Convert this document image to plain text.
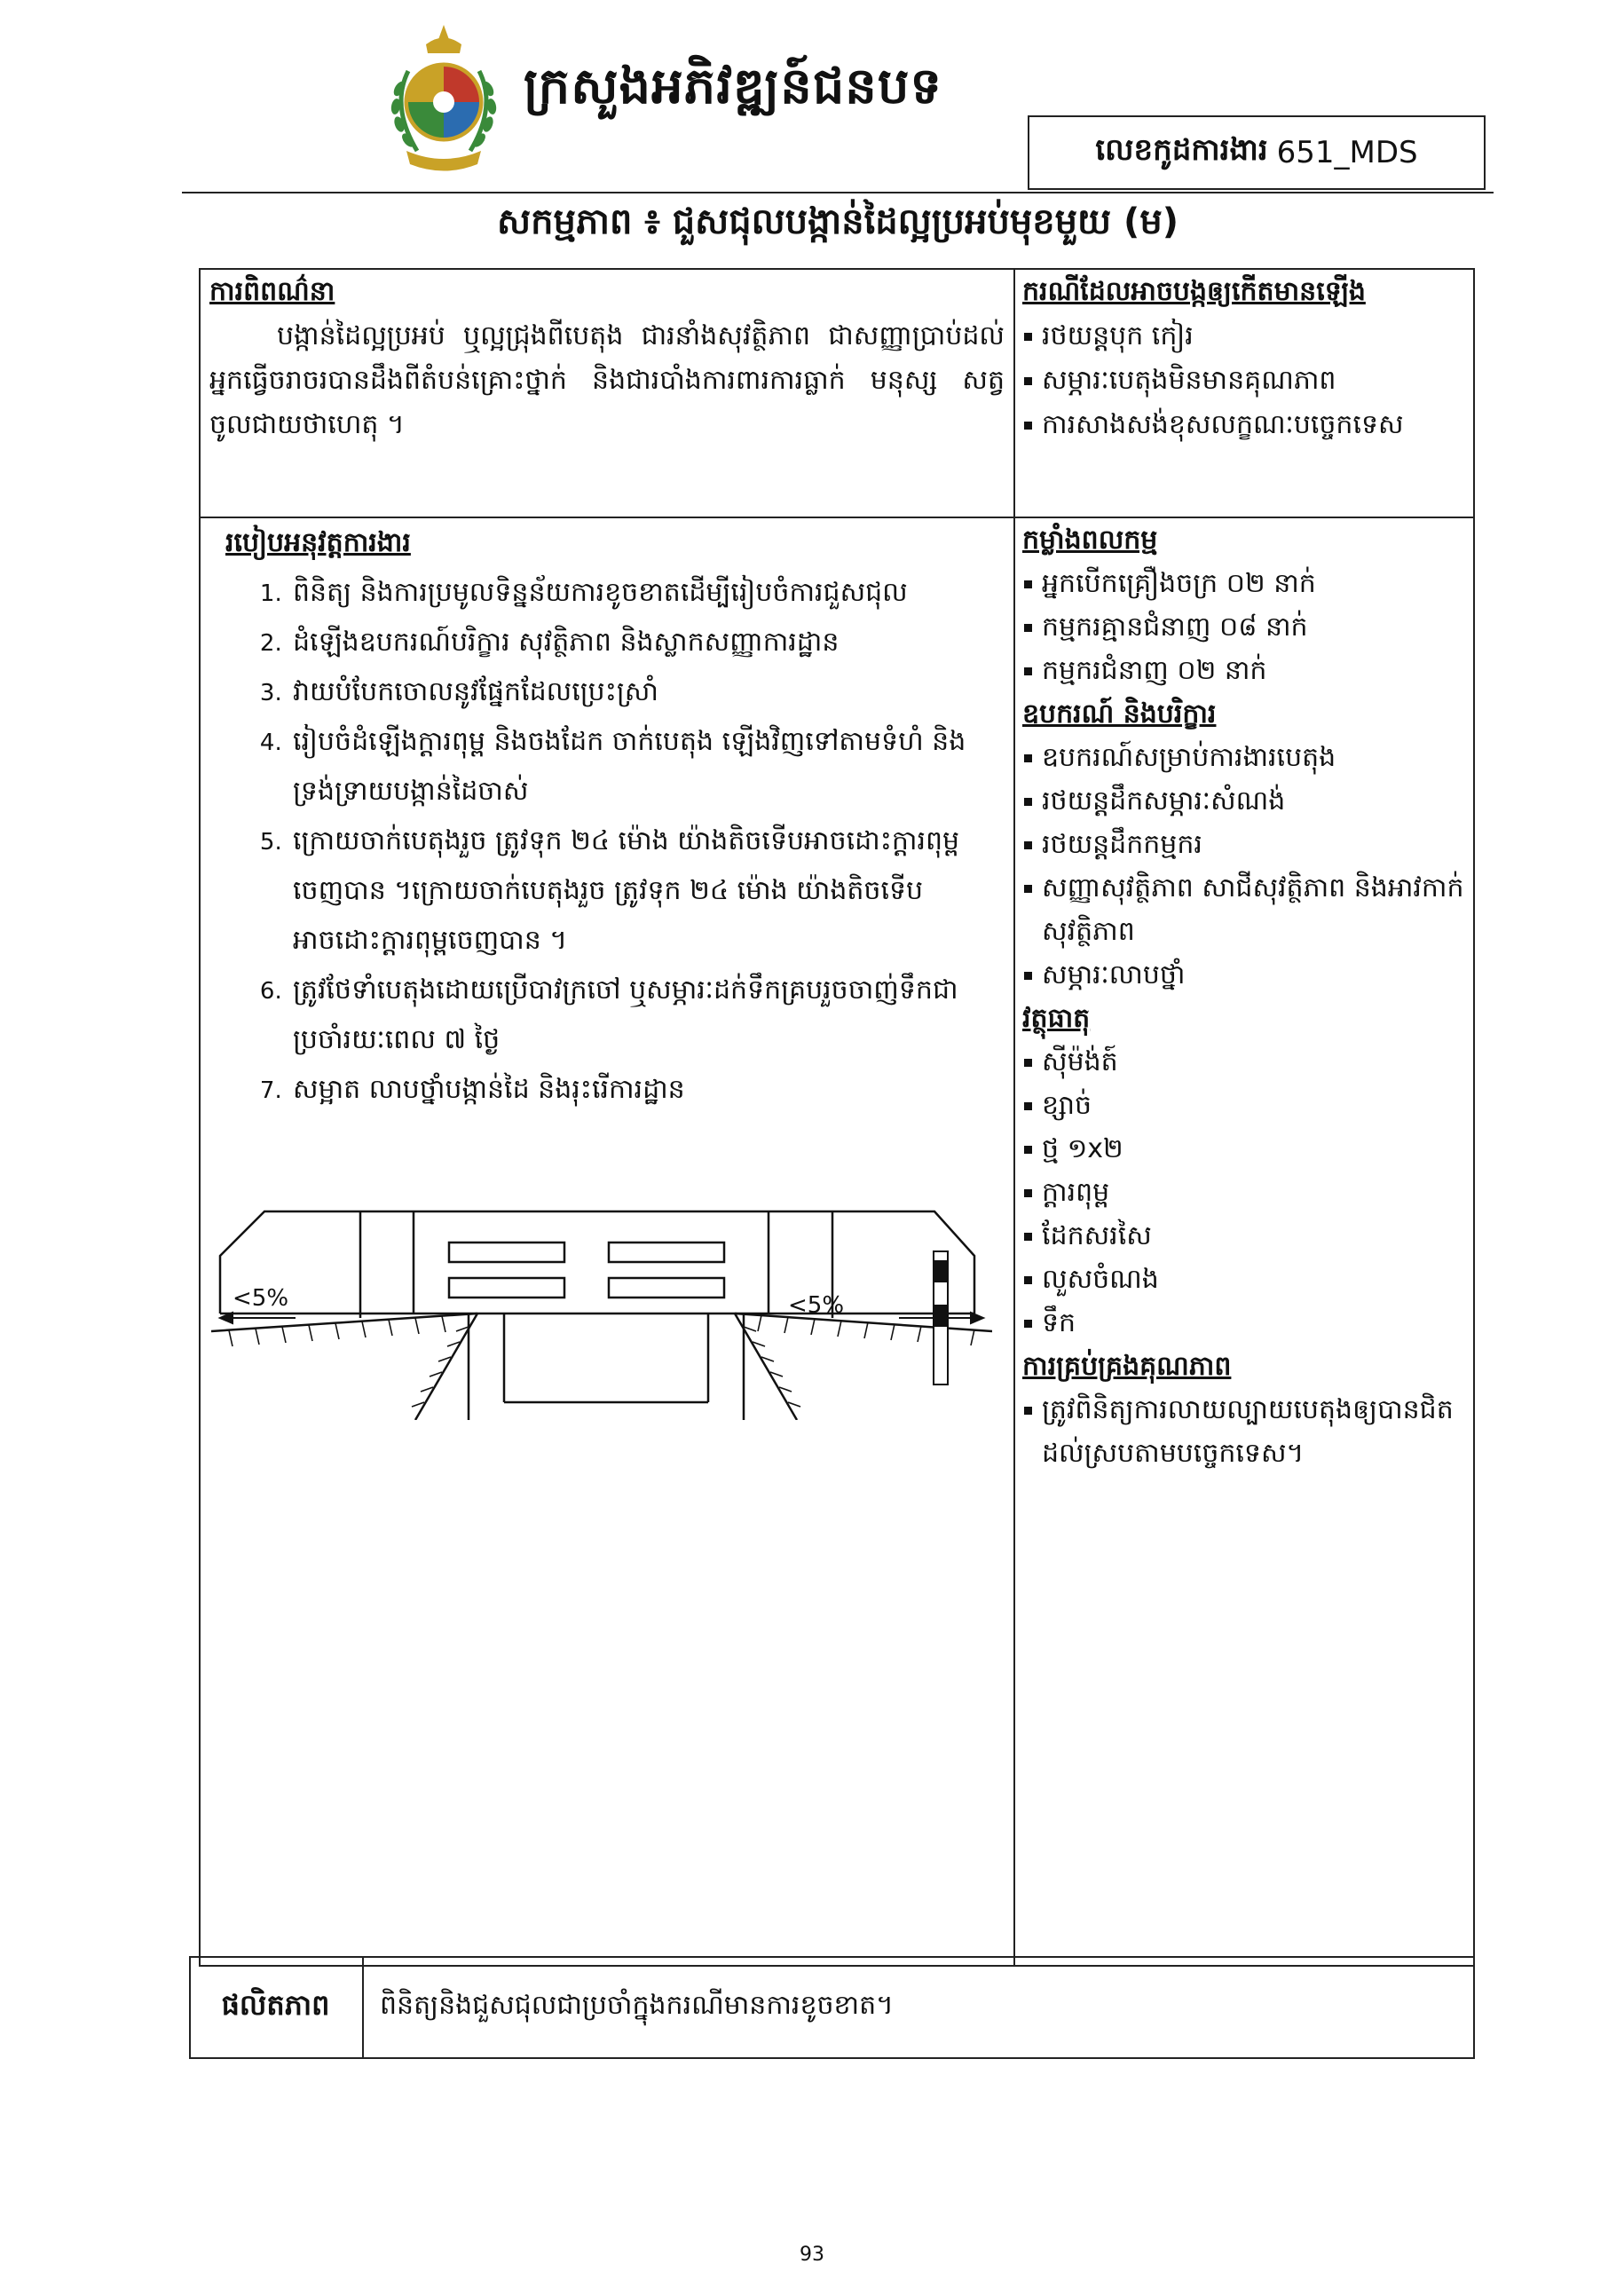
ក្រសួងអភិវឌ្ឍន៍ជនបទ
លេខកូដការងារ 651_MDS
សកម្មភាព ៖ ជួសជុលបង្កាន់ដៃល្អប្រអប់មុខមួយ (ម)
ការពិពណ៌នា
បង្កាន់ដៃល្អប្រអប់ ឬល្អជ្រុងពីបេតុង ជារនាំងសុវត្ថិភាព ជាសញ្ញាប្រាប់ដល់អ្នកធ្វើចរាចរបានដឹងពីតំបន់គ្រោះថ្នាក់ និងជារបាំងការពារការធ្លាក់ មនុស្ស សត្វ ចូលជាយថាហេតុ ។
ករណីដែលអាចបង្កឲ្យកើតមានឡើង
រថយន្តបុក កៀរ
សម្ភារៈបេតុងមិនមានគុណភាព
ការសាងសង់ខុសលក្ខណៈបច្ចេកទេស
របៀបអនុវត្តការងារ
1. ពិនិត្យ និងការប្រមូលទិន្នន័យការខូចខាតដើម្បីរៀបចំការជួសជុល
2. ដំឡើងឧបករណ៍បរិក្ខារ សុវត្ថិភាព និងស្លាកសញ្ញាការដ្ឋាន
3. វាយបំបែកចោលនូវផ្នែកដែលប្រេះស្រាំ
4. រៀបចំដំឡើងក្តារពុម្ព និងចងដែក ចាក់បេតុង ឡើងវិញទៅតាមទំហំ និងទ្រង់ទ្រាយបង្កាន់ដៃចាស់
5. ក្រោយចាក់បេតុងរួច ត្រូវទុក ២៤ ម៉ោង យ៉ាងតិចទើបអាចដោះក្តារពុម្ពចេញបាន ។ក្រោយចាក់បេតុងរួច ត្រូវទុក ២៤ ម៉ោង យ៉ាងតិចទើបអាចដោះក្តារពុម្ពចេញបាន ។
6. ត្រូវថែទាំបេតុងដោយប្រើបាវក្រចៅ ឬសម្ភារៈដក់ទឹកគ្របរួចចាញ់ទឹកជាប្រចាំរយៈពេល ៧ ថ្ងៃ
7. សម្អាត លាបថ្នាំបង្កាន់ដៃ និងរុះរើការដ្ឋាន
<5%	<5%
កម្លាំងពលកម្ម
អ្នកបើកគ្រឿងចក្រ ០២ នាក់
កម្មករគ្មានជំនាញ ០៨ នាក់
កម្មករជំនាញ ០២ នាក់
ឧបករណ៍ និងបរិក្ខារ
ឧបករណ៍សម្រាប់ការងារបេតុង
រថយន្តដឹកសម្ភារៈសំណង់
រថយន្តដឹកកម្មករ
សញ្ញាសុវត្ថិភាព សាជីសុវត្ថិភាព និងអាវកាក់សុវត្ថិភាព
សម្ភារៈលាបថ្នាំ
វត្ថុធាតុ
ស៊ីម៉ង់ត៍
ខ្សាច់
ថ្ម ១x២
ក្តារពុម្ព
ដែកសរសៃ
លួសចំណង
ទឹក
ការគ្រប់គ្រងគុណភាព
ត្រូវពិនិត្យការលាយល្បាយបេតុងឲ្យបានជិតដល់ស្របតាមបច្ចេកទេស។
ផលិតភាព	ពិនិត្យនិងជួសជុលជាប្រចាំក្នុងករណីមានការខូចខាត។
93
